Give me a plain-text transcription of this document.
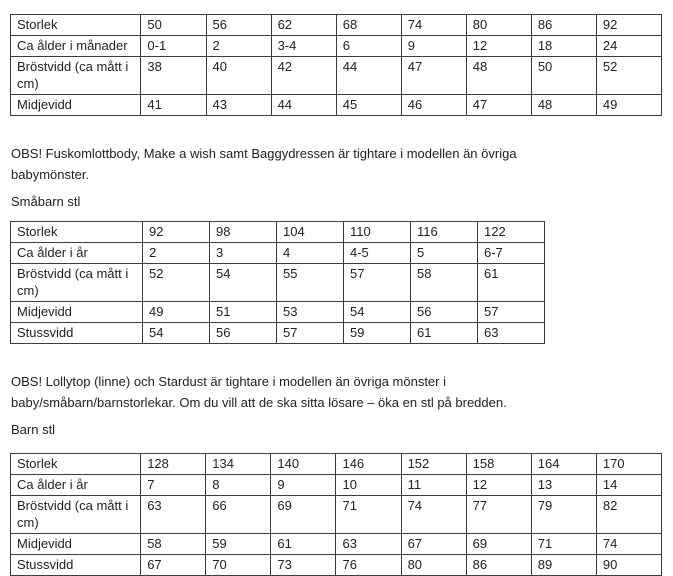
Storlek	50	56	62	68	74	80	86	92
Ca ålder i månader	0-1	2	3-4	6	9	12	18	24
Bröstvidd (ca mått i cm)	38	40	42	44	47	48	50	52
Midjevidd	41	43	44	45	46	47	48	49

OBS! Fuskomlottbody, Make a wish samt Baggydressen är tightare i modellen än övriga
babymönster.

Småbarn stl

Storlek	92	98	104	110	116	122
Ca ålder i år	2	3	4	4-5	5	6-7
Bröstvidd (ca mått i cm)	52	54	55	57	58	61
Midjevidd	49	51	53	54	56	57
Stussvidd	54	56	57	59	61	63

OBS! Lollytop (linne) och Stardust är tightare i modellen än övriga mönster i
baby/småbarn/barnstorlekar. Om du vill att de ska sitta lösare – öka en stl på bredden.

Barn stl

Storlek	128	134	140	146	152	158	164	170
Ca ålder i år	7	8	9	10	11	12	13	14
Bröstvidd (ca mått i cm)	63	66	69	71	74	77	79	82
Midjevidd	58	59	61	63	67	69	71	74
Stussvidd	67	70	73	76	80	86	89	90
